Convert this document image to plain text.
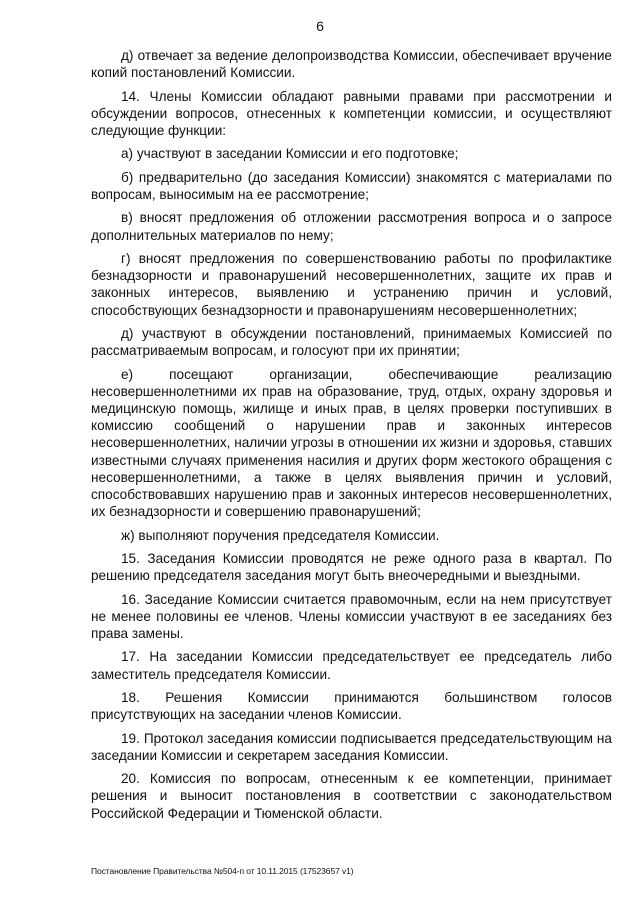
6

д) отвечает за ведение делопроизводства Комиссии, обеспечивает вручение копий постановлений Комиссии.

14. Члены Комиссии обладают равными правами при рассмотрении и обсуждении вопросов, отнесенных к компетенции комиссии, и осуществляют следующие функции:

а) участвуют в заседании Комиссии и его подготовке;

б) предварительно (до заседания Комиссии) знакомятся с материалами по вопросам, выносимым на ее рассмотрение;

в) вносят предложения об отложении рассмотрения вопроса и о запросе дополнительных материалов по нему;

г) вносят предложения по совершенствованию работы по профилактике безнадзорности и правонарушений несовершеннолетних, защите их прав и законных интересов, выявлению и устранению причин и условий, способствующих безнадзорности и правонарушениям несовершеннолетних;

д) участвуют в обсуждении постановлений, принимаемых Комиссией по рассматриваемым вопросам, и голосуют при их принятии;

е) посещают организации, обеспечивающие реализацию несовершеннолетними их прав на образование, труд, отдых, охрану здоровья и медицинскую помощь, жилище и иных прав, в целях проверки поступивших в комиссию сообщений о нарушении прав и законных интересов несовершеннолетних, наличии угрозы в отношении их жизни и здоровья, ставших известными случаях применения насилия и других форм жестокого обращения с несовершеннолетними, а также в целях выявления причин и условий, способствовавших нарушению прав и законных интересов несовершеннолетних, их безнадзорности и совершению правонарушений;

ж) выполняют поручения председателя Комиссии.

15. Заседания Комиссии проводятся не реже одного раза в квартал. По решению председателя заседания могут быть внеочередными и выездными.

16. Заседание Комиссии считается правомочным, если на нем присутствует не менее половины ее членов. Члены комиссии участвуют в ее заседаниях без права замены.

17. На заседании Комиссии председательствует ее председатель либо заместитель председателя Комиссии.

18. Решения Комиссии принимаются большинством голосов присутствующих на заседании членов Комиссии.

19. Протокол заседания комиссии подписывается председательствующим на заседании Комиссии и секретарем заседания Комиссии.

20. Комиссия по вопросам, отнесенным к ее компетенции, принимает решения и выносит постановления в соответствии с законодательством Российской Федерации и Тюменской области.

Постановление Правительства №504-п от 10.11.2015 (17523657 v1)
